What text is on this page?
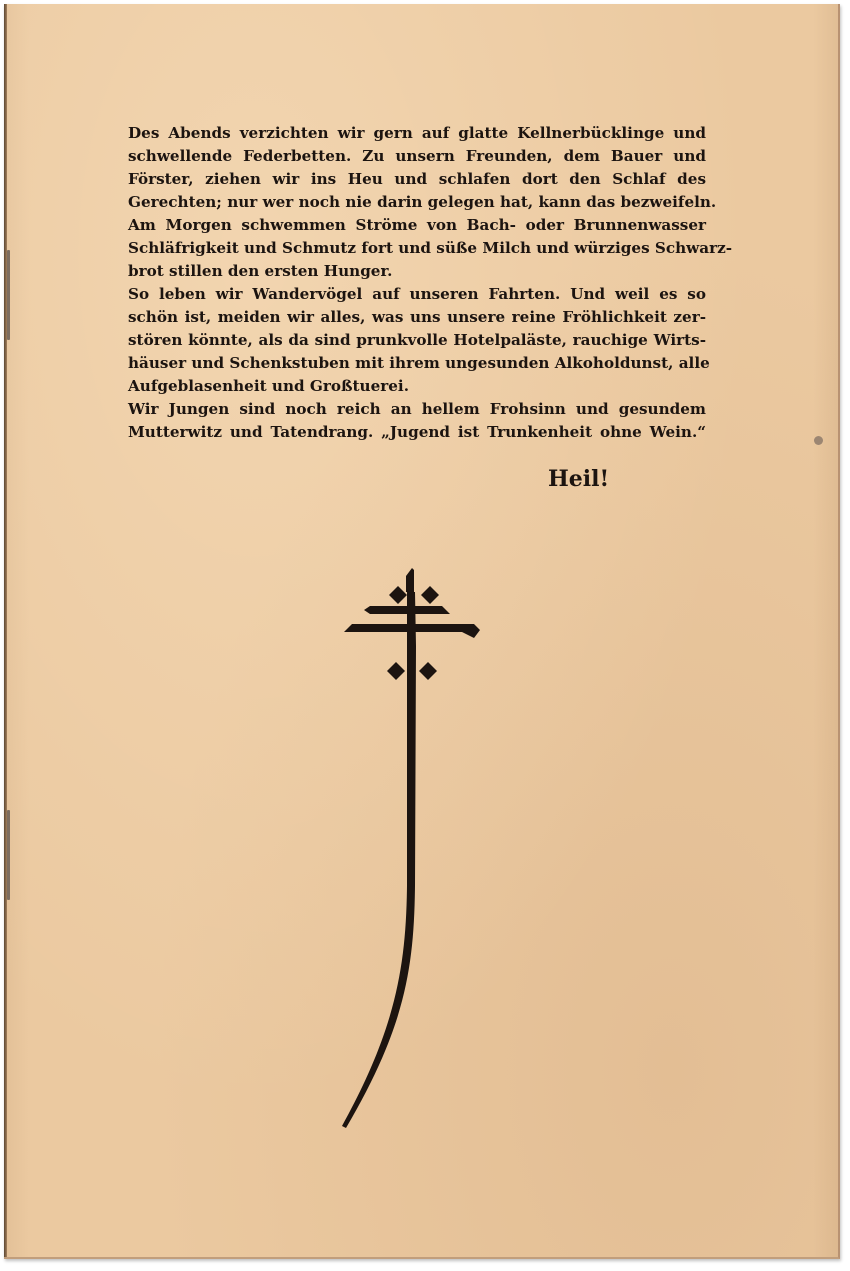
Des Abends verzichten wir gern auf glatte Kellnerbücklinge und
schwellende Federbetten. Zu unsern Freunden, dem Bauer und
Förster, ziehen wir ins Heu und schlafen dort den Schlaf des
Gerechten; nur wer noch nie darin gelegen hat, kann das bezweifeln.
Am Morgen schwemmen Ströme von Bach- oder Brunnenwasser
Schläfrigkeit und Schmutz fort und süße Milch und würziges Schwarz-
brot stillen den ersten Hunger.
So leben wir Wandervögel auf unseren Fahrten. Und weil es so
schön ist, meiden wir alles, was uns unsere reine Fröhlichkeit zer-
stören könnte, als da sind prunkvolle Hotelpaläste, rauchige Wirts-
häuser und Schenkstuben mit ihrem ungesunden Alkoholdunst, alle
Aufgeblasenheit und Großtuerei.
Wir Jungen sind noch reich an hellem Frohsinn und gesundem
Mutterwitz und Tatendrang. „Jugend ist Trunkenheit ohne Wein.“
Heil!
